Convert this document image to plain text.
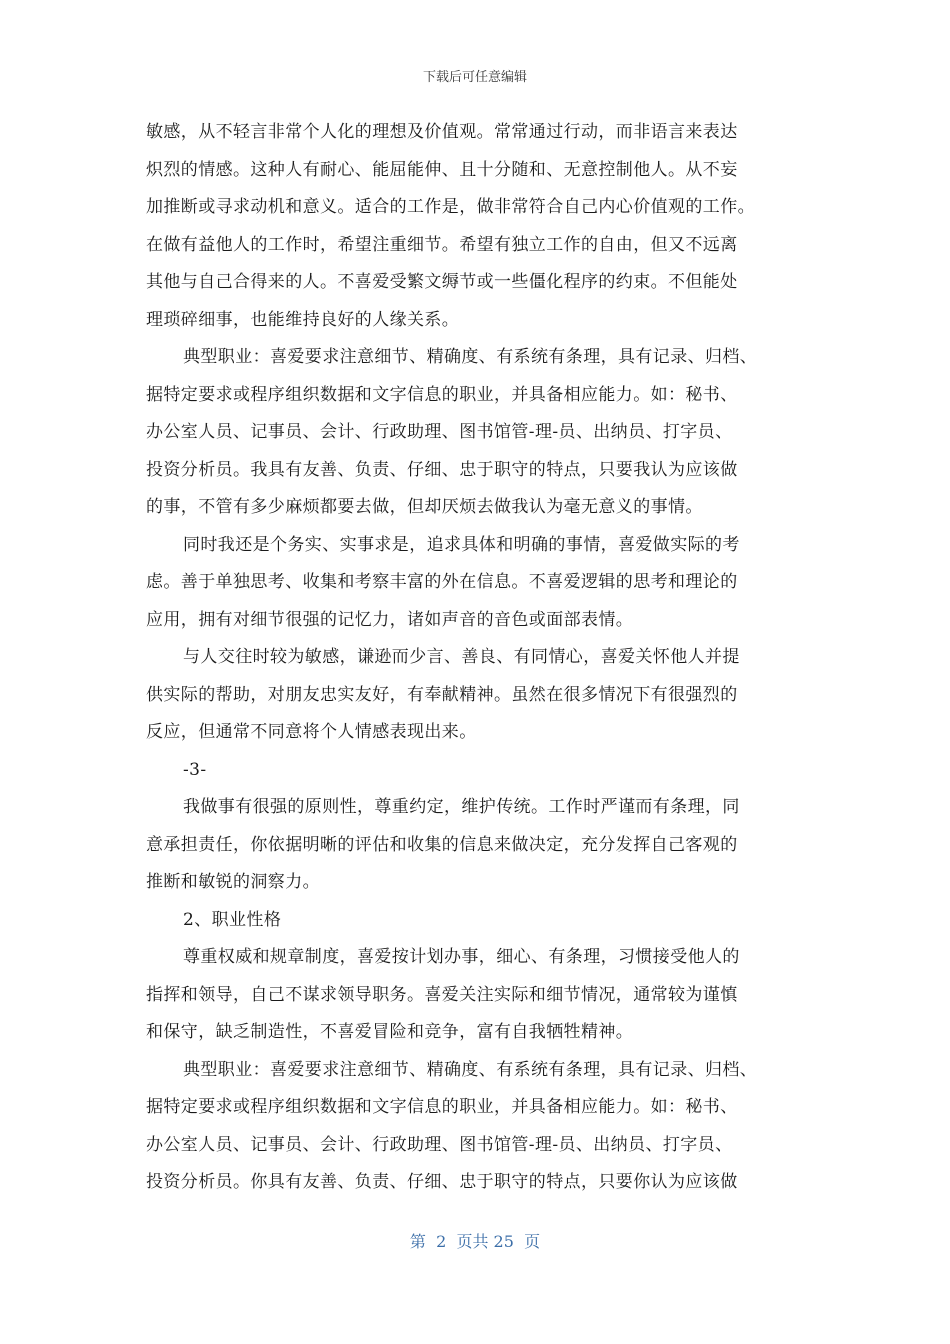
下载后可任意编辑

敏感，从不轻言非常个人化的理想及价值观。常常通过行动，而非语言来表达

炽烈的情感。这种人有耐心、能屈能伸、且十分随和、无意控制他人。从不妄

加推断或寻求动机和意义。适合的工作是，做非常符合自己内心价值观的工作。

在做有益他人的工作时，希望注重细节。希望有独立工作的自由，但又不远离

其他与自己合得来的人。不喜爱受繁文缛节或一些僵化程序的约束。不但能处

理琐碎细事，也能维持良好的人缘关系。

典型职业：喜爱要求注意细节、精确度、有系统有条理，具有记录、归档、

据特定要求或程序组织数据和文字信息的职业，并具备相应能力。如：秘书、

办公室人员、记事员、会计、行政助理、图书馆管-理-员、出纳员、打字员、

投资分析员。我具有友善、负责、仔细、忠于职守的特点，只要我认为应该做

的事，不管有多少麻烦都要去做，但却厌烦去做我认为毫无意义的事情。

同时我还是个务实、实事求是，追求具体和明确的事情，喜爱做实际的考

虑。善于单独思考、收集和考察丰富的外在信息。不喜爱逻辑的思考和理论的

应用，拥有对细节很强的记忆力，诸如声音的音色或面部表情。

与人交往时较为敏感，谦逊而少言、善良、有同情心，喜爱关怀他人并提

供实际的帮助，对朋友忠实友好，有奉献精神。虽然在很多情况下有很强烈的

反应，但通常不同意将个人情感表现出来。

-3-

我做事有很强的原则性，尊重约定，维护传统。工作时严谨而有条理，同

意承担责任，你依据明晰的评估和收集的信息来做决定，充分发挥自己客观的

推断和敏锐的洞察力。

2、职业性格

尊重权威和规章制度，喜爱按计划办事，细心、有条理，习惯接受他人的

指挥和领导，自己不谋求领导职务。喜爱关注实际和细节情况，通常较为谨慎

和保守，缺乏制造性，不喜爱冒险和竞争，富有自我牺牲精神。

典型职业：喜爱要求注意细节、精确度、有系统有条理，具有记录、归档、

据特定要求或程序组织数据和文字信息的职业，并具备相应能力。如：秘书、

办公室人员、记事员、会计、行政助理、图书馆管-理-员、出纳员、打字员、

投资分析员。你具有友善、负责、仔细、忠于职守的特点，只要你认为应该做

第  2  页共 25  页
